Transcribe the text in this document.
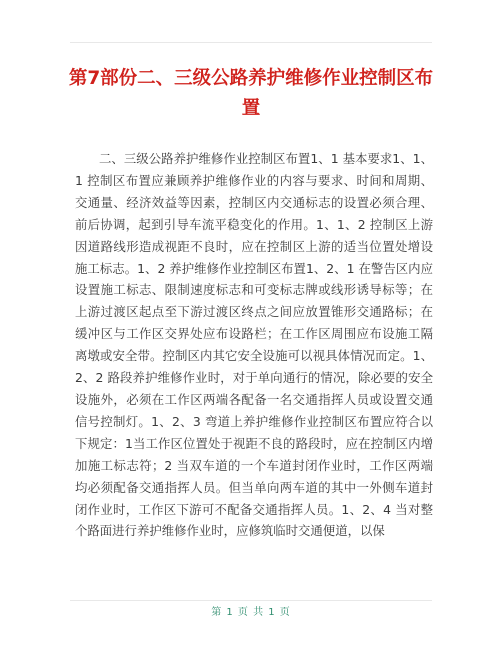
第7部份二、三级公路养护维修作业控制区布置
二、三级公路养护维修作业控制区布置1、1 基本要求1、1、1 控制区布置应兼顾养护维修作业的内容与要求、时间和周期、交通量、经济效益等因素，控制区内交通标志的设置必须合理、前后协调，起到引导车流平稳变化的作用。1、1、2 控制区上游因道路线形造成视距不良时，应在控制区上游的适当位置处增设施工标志。1、2 养护维修作业控制区布置1、2、1 在警告区内应设置施工标志、限制速度标志和可变标志牌或线形诱导标等；在上游过渡区起点至下游过渡区终点之间应放置锥形交通路标；在缓冲区与工作区交界处应布设路栏；在工作区周围应布设施工隔离墩或安全带。控制区内其它安全设施可以视具体情况而定。1、2、2 路段养护维修作业时，对于单向通行的情况，除必要的安全设施外，必须在工作区两端各配备一名交通指挥人员或设置交通信号控制灯。1、2、3 弯道上养护维修作业控制区布置应符合以下规定：1当工作区位置处于视距不良的路段时，应在控制区内增加施工标志符；2 当双车道的一个车道封闭作业时，工作区两端均必须配备交通指挥人员。但当单向两车道的其中一外侧车道封闭作业时，工作区下游可不配备交通指挥人员。1、2、4 当对整个路面进行养护维修作业时，应修筑临时交通便道，以保
第 1 页 共 1 页
